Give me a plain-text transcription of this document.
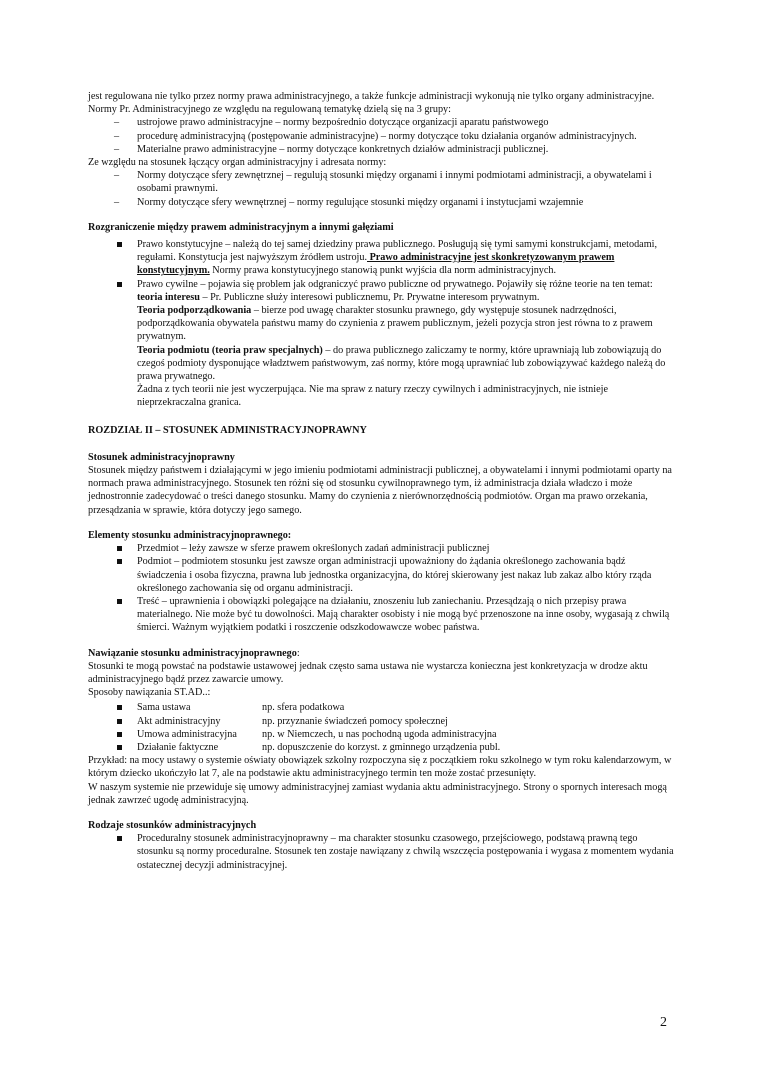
jest regulowana nie tylko przez normy prawa administracyjnego, a także funkcje administracji wykonują nie tylko organy administracyjne.

Normy Pr. Administracyjnego ze względu na regulowaną tematykę dzielą się na 3 grupy:

– ustrojowe prawo administracyjne – normy bezpośrednio dotyczące organizacji aparatu państwowego
– procedurę administracyjną (postępowanie administracyjne) – normy dotyczące toku działania organów administracyjnych.
– Materialne prawo administracyjne – normy dotyczące konkretnych działów administracji publicznej.

Ze względu na stosunek łączący organ administracyjny i adresata normy:

– Normy dotyczące sfery zewnętrznej – regulują stosunki między organami i innymi podmiotami administracji, a obywatelami i osobami prawnymi.
– Normy dotyczące sfery wewnętrznej – normy regulujące stosunki między organami i instytucjami wzajemnie

Rozgraniczenie między prawem administracyjnym a innymi gałęziami

Prawo konstytucyjne – należą do tej samej dziedziny prawa publicznego. Posługują się tymi samymi konstrukcjami, metodami, regułami. Konstytucja jest najwyższym źródłem ustroju. Prawo administracyjne jest skonkretyzowanym prawem konstytucyjnym. Normy prawa konstytucyjnego stanowią punkt wyjścia dla norm administracyjnych.
Prawo cywilne – pojawia się problem jak odgraniczyć prawo publiczne od prywatnego. Pojawiły się różne teorie na ten temat:
teoria interesu – Pr. Publiczne służy interesowi publicznemu, Pr. Prywatne interesom prywatnym.
Teoria podporządkowania – bierze pod uwagę charakter stosunku prawnego, gdy występuje stosunek nadrzędności, podporządkowania obywatela państwu mamy do czynienia z prawem publicznym, jeżeli pozycja stron jest równa to z prawem prywatnym.
Teoria podmiotu (teoria praw specjalnych) – do prawa publicznego zaliczamy te normy, które uprawniają lub zobowiązują do czegoś podmioty dysponujące władztwem państwowym, zaś normy, które mogą uprawniać lub zobowiązywać każdego należą do prawa prywatnego.
Żadna z tych teorii nie jest wyczerpująca. Nie ma spraw z natury rzeczy cywilnych i administracyjnych, nie istnieje nieprzekraczalna granica.

ROZDZIAŁ II – STOSUNEK ADMINISTRACYJNOPRAWNY

Stosunek administracyjnoprawny

Stosunek między państwem i działającymi w jego imieniu podmiotami administracji publicznej, a obywatelami i innymi podmiotami oparty na normach prawa administracyjnego. Stosunek ten różni się od stosunku cywilnoprawnego tym, iż administracja działa władczo i może jednostronnie zadecydować o treści danego stosunku. Mamy do czynienia z nierównorzędnością podmiotów. Organ ma prawo orzekania, przesądzania w sprawie, która dotyczy jego samego.

Elementy stosunku administracyjnoprawnego:

Przedmiot – leży zawsze w sferze prawem określonych zadań administracji publicznej
Podmiot – podmiotem stosunku jest zawsze organ administracji upoważniony do żądania określonego zachowania bądź świadczenia i osoba fizyczna, prawna lub jednostka organizacyjna, do której skierowany jest nakaz lub zakaz albo który rząda określonego zachowania się od organu administracji.
Treść – uprawnienia i obowiązki polegające na działaniu, znoszeniu lub zaniechaniu. Przesądzają o nich przepisy prawa materialnego. Nie może być tu dowolności. Mają charakter osobisty i nie mogą być przenoszone na inne osoby, wygasają z chwilą śmierci. Ważnym wyjątkiem podatki i roszczenie odszkodowawcze wobec państwa.

Nawiązanie stosunku administracyjnoprawnego:

Stosunki te mogą powstać na podstawie ustawowej jednak często sama ustawa nie wystarcza konieczna jest konkretyzacja w drodze aktu administracyjnego bądź przez zawarcie umowy.

Sposoby nawiązania ST.AD..:

Sama ustawa	np. sfera podatkowa
Akt administracyjny	np. przyznanie świadczeń pomocy społecznej
Umowa administracyjna np. w Niemczech, u nas pochodną ugoda administracyjna
Działanie faktyczne	np. dopuszczenie do korzyst. z gminnego urządzenia publ.

Przykład: na mocy ustawy o systemie oświaty obowiązek szkolny rozpoczyna się z początkiem roku szkolnego w tym roku kalendarzowym, w którym dziecko ukończyło lat 7, ale na podstawie aktu administracyjnego termin ten może zostać przesunięty.

W naszym systemie nie przewiduje się umowy administracyjnej zamiast wydania aktu administracyjnego. Strony o spornych interesach mogą jednak zawrzeć ugodę administracyjną.

Rodzaje stosunków administracyjnych

Proceduralny stosunek administracyjnoprawny – ma charakter stosunku czasowego, przejściowego, podstawą prawną tego stosunku są normy proceduralne. Stosunek ten zostaje nawiązany z chwilą wszczęcia postępowania i wygasa z momentem wydania ostatecznej decyzji administracyjnej.
2
